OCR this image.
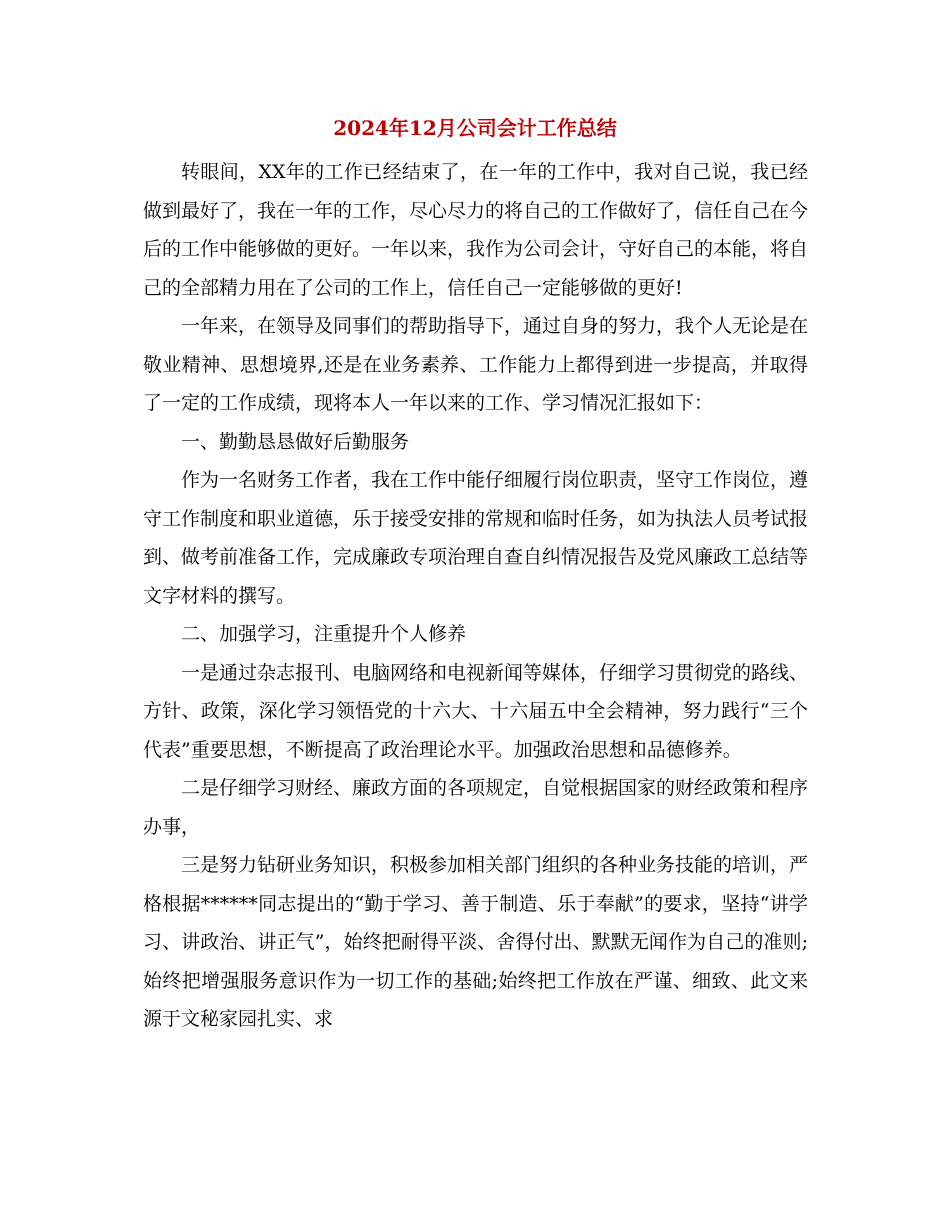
2024年12月公司会计工作总结

转眼间，XX年的工作已经结束了，在一年的工作中，我对自己说，我已经做到最好了，我在一年的工作，尽心尽力的将自己的工作做好了，信任自己在今后的工作中能够做的更好。一年以来，我作为公司会计，守好自己的本能，将自己的全部精力用在了公司的工作上，信任自己一定能够做的更好!

一年来，在领导及同事们的帮助指导下，通过自身的努力，我个人无论是在敬业精神、思想境界,还是在业务素养、工作能力上都得到进一步提高，并取得了一定的工作成绩，现将本人一年以来的工作、学习情况汇报如下：

一、勤勤恳恳做好后勤服务

作为一名财务工作者，我在工作中能仔细履行岗位职责，坚守工作岗位，遵守工作制度和职业道德，乐于接受安排的常规和临时任务，如为执法人员考试报到、做考前准备工作，完成廉政专项治理自查自纠情况报告及党风廉政工总结等文字材料的撰写。

二、加强学习，注重提升个人修养

一是通过杂志报刊、电脑网络和电视新闻等媒体，仔细学习贯彻党的路线、方针、政策，深化学习领悟党的十六大、十六届五中全会精神，努力践行“三个代表”重要思想，不断提高了政治理论水平。加强政治思想和品德修养。

二是仔细学习财经、廉政方面的各项规定，自觉根据国家的财经政策和程序办事，

三是努力钻研业务知识，积极参加相关部门组织的各种业务技能的培训，严格根据******同志提出的“勤于学习、善于制造、乐于奉献”的要求，坚持“讲学习、讲政治、讲正气”，始终把耐得平淡、舍得付出、默默无闻作为自己的准则;始终把增强服务意识作为一切工作的基础;始终把工作放在严谨、细致、此文来源于文秘家园扎实、求
